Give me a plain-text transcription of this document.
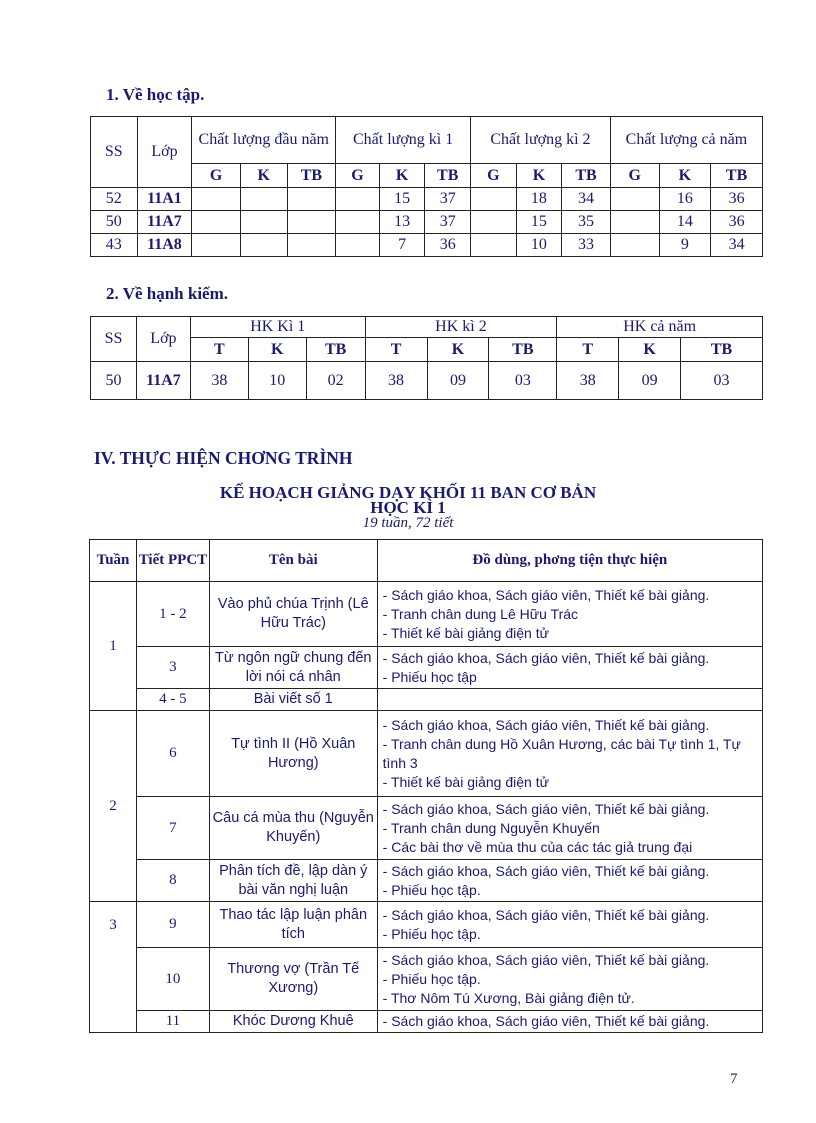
1. Về học tập.
SS	Lớp	Chất lượng đầu năm			Chất lượng kì 1			Chất lượng kì 2			Chất lượng cả năm		
		G	K	TB	G	K	TB	G	K	TB	G	K	TB
52	11A1					15	37		18	34		16	36
50	11A7					13	37		15	35		14	36
43	11A8					7	36		10	33		9	34
2. Về hạnh kiểm.
SS	Lớp	HK Kì 1			HK kì 2			HK cả năm		
		T	K	TB	T	K	TB	T	K	TB
50	11A7	38	10	02	38	09	03	38	09	03
IV. THỰC HIỆN CHƠNG TRÌNH
KẾ HOẠCH GIẢNG DẠY KHỐI 11 BAN CƠ BẢN
HỌC KÌ 1
19 tuần, 72 tiết
Tuần	Tiết PPCT	Tên bài	Đồ dùng, phơng tiện thực hiện
1	1 - 2	Vào phủ chúa Trịnh (Lê Hữu Trác)	- Sách giáo khoa, Sách giáo viên, Thiết kế bài giảng.
- Tranh chân dung Lê Hữu Trác
- Thiết kế bài giảng điện tử

	3	Từ ngôn ngữ chung đến lời nói cá nhân	- Sách giáo khoa, Sách giáo viên, Thiết kế bài giảng.
- Phiếu học tập

	4 - 5	Bài viết số 1	
2	6	Tự tình II (Hồ Xuân Hương)	- Sách giáo khoa, Sách giáo viên, Thiết kế bài giảng.
- Tranh chân dung Hồ Xuân Hương, các bài Tự tình 1, Tự tình 3
- Thiết kế bài giảng điện tử

	7	Câu cá mùa thu (Nguyễn Khuyến)	- Sách giáo khoa, Sách giáo viên, Thiết kế bài giảng.
- Tranh chân dung Nguyễn Khuyến
- Các bài thơ về mùa thu của các tác giả trung đại

	8	Phân tích đề, lập dàn ý bài văn nghị luận	- Sách giáo khoa, Sách giáo viên, Thiết kế bài giảng.
- Phiếu học tập.

3	9	Thao tác lập luận phân tích	- Sách giáo khoa, Sách giáo viên, Thiết kế bài giảng.
- Phiếu học tập.

	10	Thương vợ (Trần Tế Xương)	- Sách giáo khoa, Sách giáo viên, Thiết kế bài giảng.
- Phiếu học tập.
- Thơ Nôm Tú Xương, Bài giảng điện tử.

	11	Khóc Dương Khuê	- Sách giáo khoa, Sách giáo viên, Thiết kế bài giảng.
7
